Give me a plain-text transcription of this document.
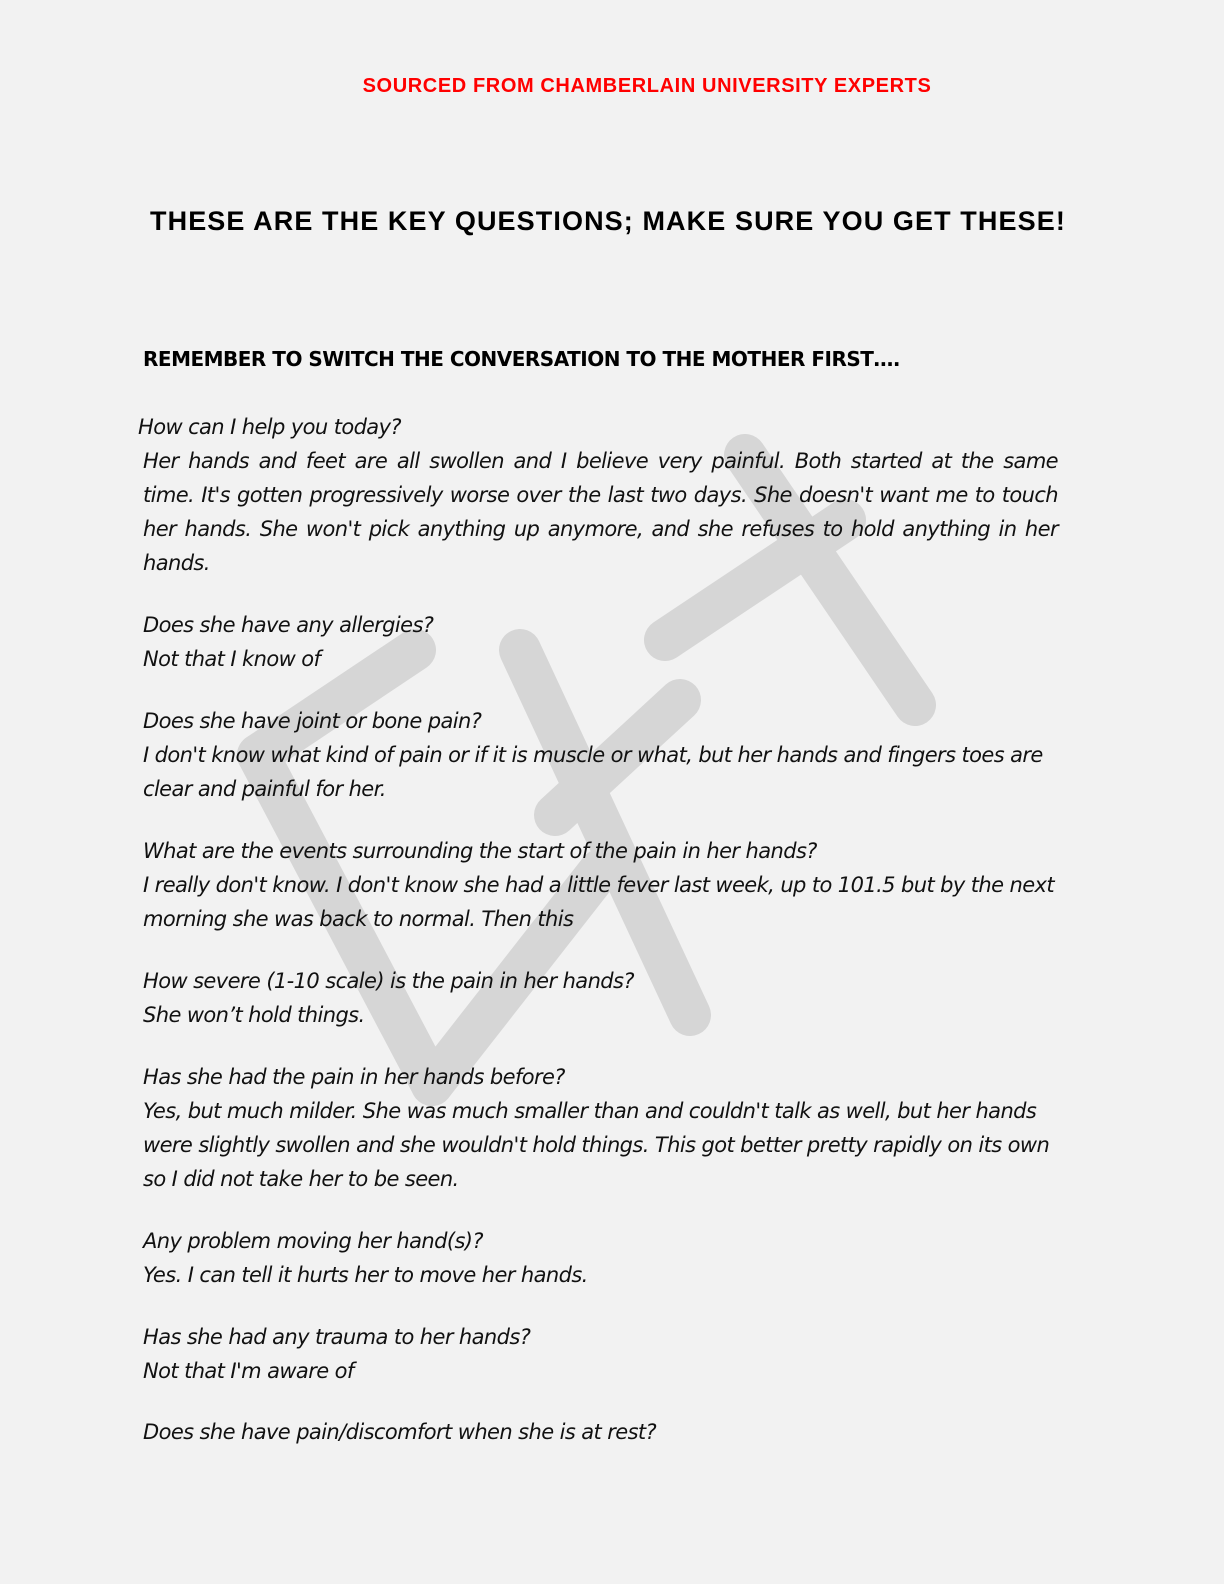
SOURCED FROM CHAMBERLAIN UNIVERSITY EXPERTS
THESE ARE THE KEY QUESTIONS; MAKE SURE YOU GET THESE!
REMEMBER TO SWITCH THE CONVERSATION TO THE MOTHER FIRST….
How can I help you today?
Her hands and feet are all swollen and I believe very painful. Both started at the same time. It's gotten progressively worse over the last two days. She doesn't want me to touch her hands. She won't pick anything up anymore, and she refuses to hold anything in her hands.
Does she have any allergies?
Not that I know of
Does she have joint or bone pain?
I don't know what kind of pain or if it is muscle or what, but her hands and fingers toes are clear and painful for her.
What are the events surrounding the start of the pain in her hands?
I really don't know. I don't know she had a little fever last week, up to 101.5 but by the next morning she was back to normal. Then this
How severe (1-10 scale) is the pain in her hands?
She won’t hold things.
Has she had the pain in her hands before?
Yes, but much milder. She was much smaller than and couldn't talk as well, but her hands were slightly swollen and she wouldn't hold things. This got better pretty rapidly on its own so I did not take her to be seen.
Any problem moving her hand(s)?
Yes. I can tell it hurts her to move her hands.
Has she had any trauma to her hands?
Not that I'm aware of
Does she have pain/discomfort when she is at rest?
